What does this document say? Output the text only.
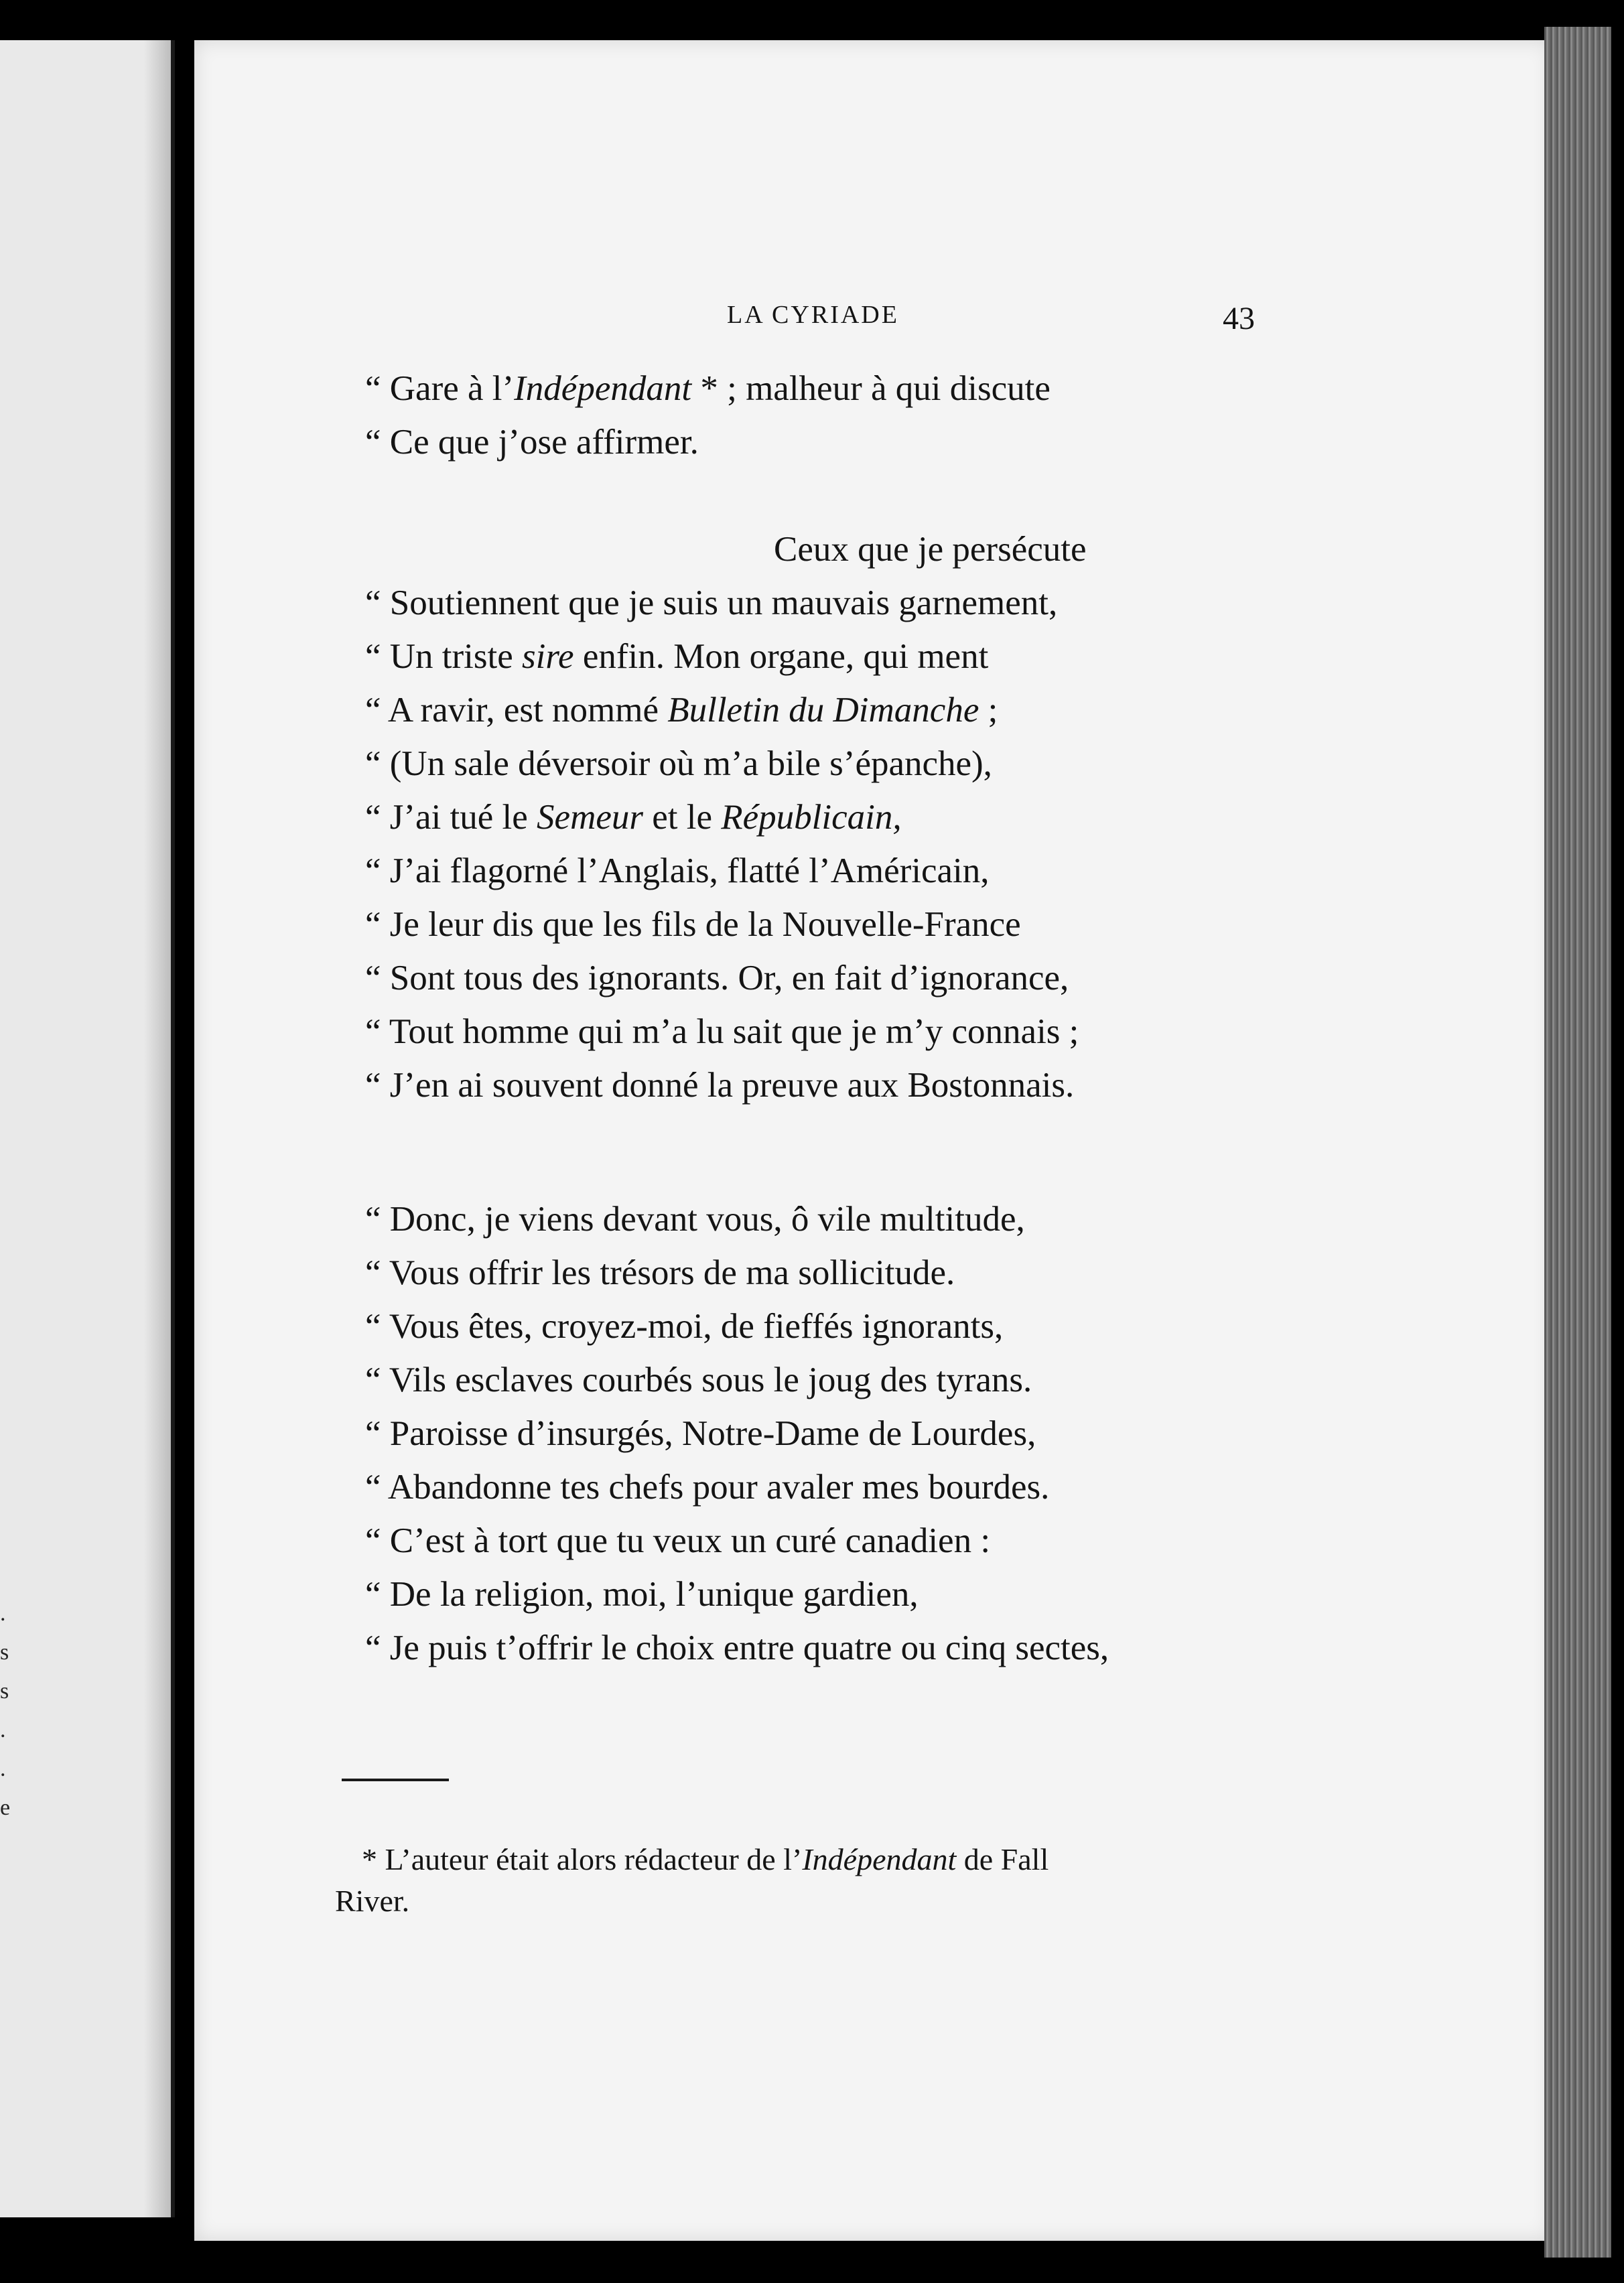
.
s
s
.
.
e
LA CYRIADE	43
“ Gare à l’Indépendant * ; malheur à qui discute
“ Ce que j’ose affirmer.
Ceux que je persécute
“ Soutiennent que je suis un mauvais garnement,
“ Un triste sire enfin. Mon organe, qui ment
“ A ravir, est nommé Bulletin du Dimanche ;
“ (Un sale déversoir où m’a bile s’épanche),
“ J’ai tué le Semeur et le Républicain,
“ J’ai flagorné l’Anglais, flatté l’Américain,
“ Je leur dis que les fils de la Nouvelle-France
“ Sont tous des ignorants. Or, en fait d’ignorance,
“ Tout homme qui m’a lu sait que je m’y connais ;
“ J’en ai souvent donné la preuve aux Bostonnais.
“ Donc, je viens devant vous, ô vile multitude,
“ Vous offrir les trésors de ma sollicitude.
“ Vous êtes, croyez-moi, de fieffés ignorants,
“ Vils esclaves courbés sous le joug des tyrans.
“ Paroisse d’insurgés, Notre-Dame de Lourdes,
“ Abandonne tes chefs pour avaler mes bourdes.
“ C’est à tort que tu veux un curé canadien :
“ De la religion, moi, l’unique gardien,
“ Je puis t’offrir le choix entre quatre ou cinq sectes,
* L’auteur était alors rédacteur de l’Indépendant de Fall
River.
